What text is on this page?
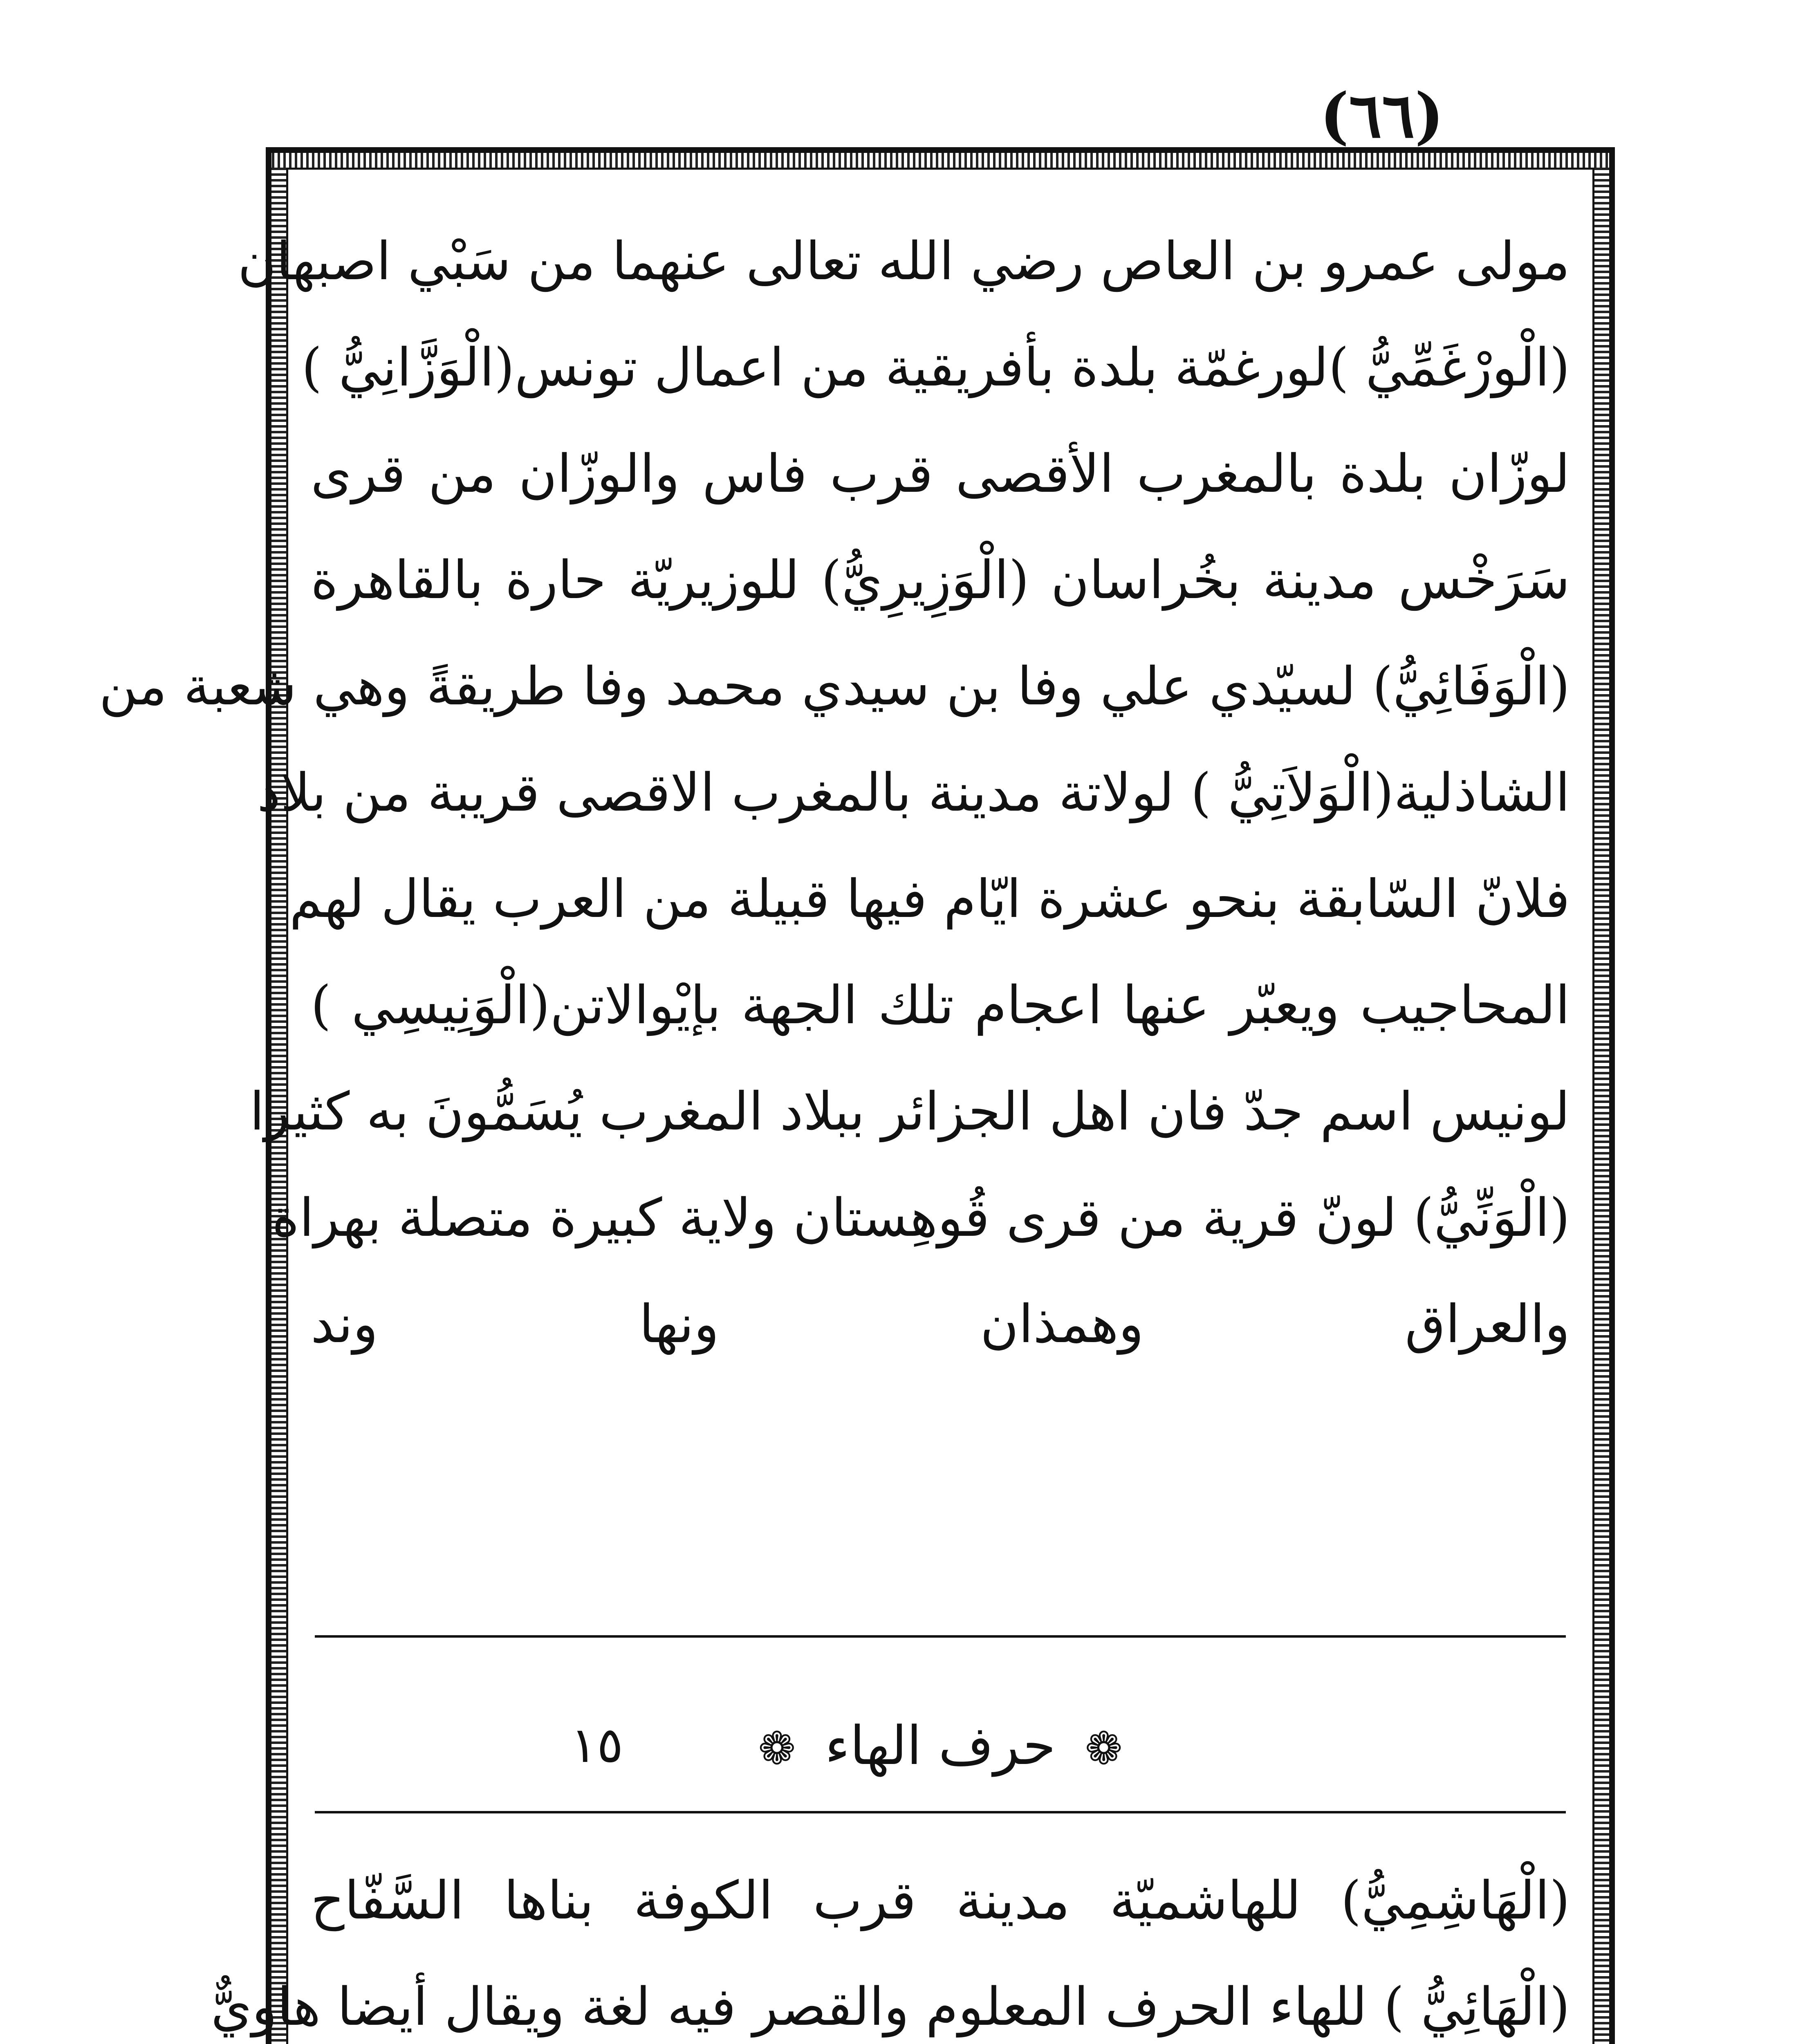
(٦٦)
مولى عمرو بن العاص رضي الله تعالى عنهما من سَبْي اصبهان
(الْورْغَمِّيُّ )لورغمّة بلدة بأفريقية من اعمال تونس(الْوَزَّانِيُّ )
لوزّان بلدة بالمغرب الأقصى قرب فاس والوزّان من قرى
سَرَخْس مدينة بخُراسان (الْوَزِيرِيُّ) للوزيريّة حارة بالقاهرة
(الْوَفَائِيُّ) لسيّدي علي وفا بن سيدي محمد وفا طريقةً وهي شعبة من
الشاذلية(الْوَلاَتِيُّ ) لولاتة مدينة بالمغرب الاقصى قريبة من بلاد
فلانّ السّابقة بنحو عشرة ايّام فيها قبيلة من العرب يقال لهم
المحاجيب ويعبّر عنها اعجام تلك الجهة بإيْوالاتن(الْوَنِيسِي )
لونيس اسم جدّ فان اهل الجزائر ببلاد المغرب يُسَمُّونَ به كثيرا
(الْوَنِّيُّ) لونّ قرية من قرى قُوهِستان ولاية كبيرة متصلة بهراة
والعراق وهمذان ونها وند
❁ حرف الهاء ❁
١٥
(الْهَاشِمِيُّ) للهاشميّة مدينة قرب الكوفة بناها السَّفّاح
(الْهَائِيُّ ) للهاء الحرف المعلوم والقصر فيه لغة ويقال أيضا هاويٌّ
